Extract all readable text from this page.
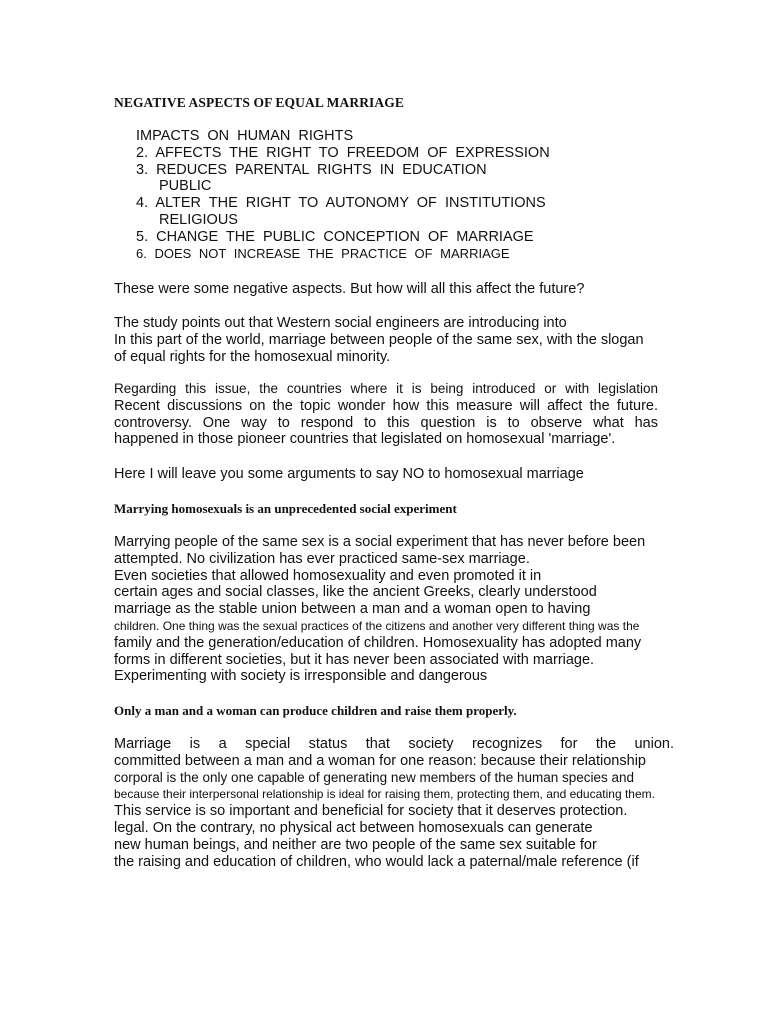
NEGATIVE ASPECTS OF EQUAL MARRIAGE
IMPACTS ON HUMAN RIGHTS
2. AFFECTS THE RIGHT TO FREEDOM OF EXPRESSION
3. REDUCES PARENTAL RIGHTS IN EDUCATION
PUBLIC
4. ALTER THE RIGHT TO AUTONOMY OF INSTITUTIONS
RELIGIOUS
5. CHANGE THE PUBLIC CONCEPTION OF MARRIAGE
6. DOES NOT INCREASE THE PRACTICE OF MARRIAGE
These were some negative aspects. But how will all this affect the future?
The study points out that Western social engineers are introducing into
In this part of the world, marriage between people of the same sex, with the slogan
of equal rights for the homosexual minority.
Regarding this issue, the countries where it is being introduced or with legislation
Recent discussions on the topic wonder how this measure will affect the future.
controversy. One way to respond to this question is to observe what has
happened in those pioneer countries that legislated on homosexual 'marriage'.
Here I will leave you some arguments to say NO to homosexual marriage
Marrying homosexuals is an unprecedented social experiment
Marrying people of the same sex is a social experiment that has never before been
attempted. No civilization has ever practiced same-sex marriage.
Even societies that allowed homosexuality and even promoted it in
certain ages and social classes, like the ancient Greeks, clearly understood
marriage as the stable union between a man and a woman open to having
children. One thing was the sexual practices of the citizens and another very different thing was the
family and the generation/education of children. Homosexuality has adopted many
forms in different societies, but it has never been associated with marriage.
Experimenting with society is irresponsible and dangerous
Only a man and a woman can produce children and raise them properly.
Marriage is a special status that society recognizes for the union.
committed between a man and a woman for one reason: because their relationship
corporal is the only one capable of generating new members of the human species and
because their interpersonal relationship is ideal for raising them, protecting them, and educating them.
This service is so important and beneficial for society that it deserves protection.
legal. On the contrary, no physical act between homosexuals can generate
new human beings, and neither are two people of the same sex suitable for
the raising and education of children, who would lack a paternal/male reference (if
